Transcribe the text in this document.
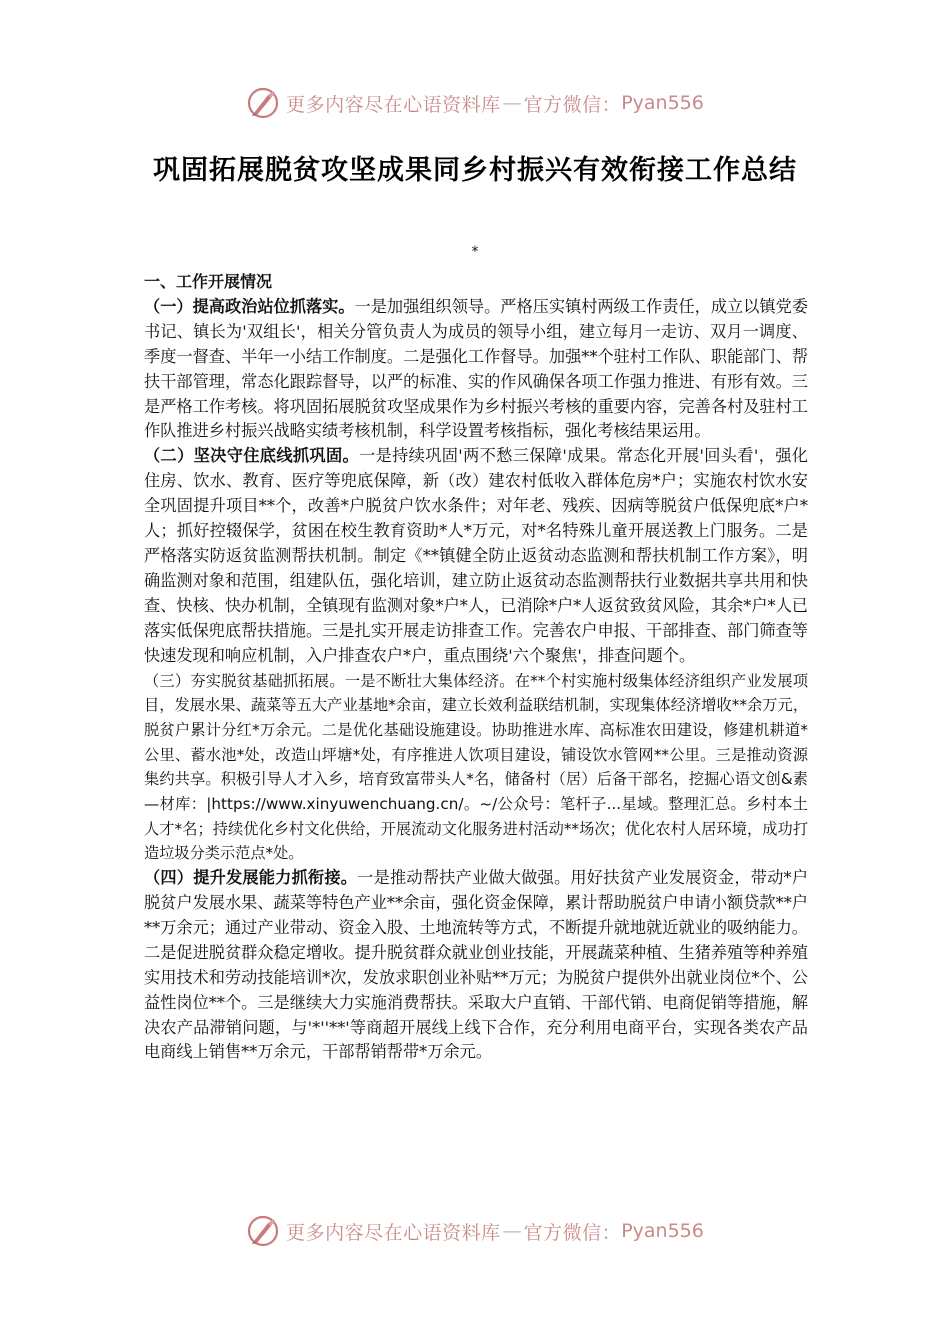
更多内容尽在心语资料库 — 官方微信： Pyan556
巩固拓展脱贫攻坚成果同乡村振兴有效衔接工作总结
*

一、工作开展情况

（一）提高政治站位抓落实。一是加强组织领导。严格压实镇村两级工作责任，成立以镇党委书记、镇长为'双组长'，相关分管负责人为成员的领导小组，建立每月一走访、双月一调度、季度一督查、半年一小结工作制度。二是强化工作督导。加强**个驻村工作队、职能部门、帮扶干部管理，常态化跟踪督导，以严的标准、实的作风确保各项工作强力推进、有形有效。三是严格工作考核。将巩固拓展脱贫攻坚成果作为乡村振兴考核的重要内容，完善各村及驻村工作队推进乡村振兴战略实绩考核机制，科学设置考核指标，强化考核结果运用。

（二）坚决守住底线抓巩固。一是持续巩固'两不愁三保障'成果。常态化开展'回头看'，强化住房、饮水、教育、医疗等兜底保障，新（改）建农村低收入群体危房*户；实施农村饮水安全巩固提升项目**个，改善*户脱贫户饮水条件；对年老、残疾、因病等脱贫户低保兜底*户*人；抓好控辍保学，贫困在校生教育资助*人*万元，对*名特殊儿童开展送教上门服务。二是严格落实防返贫监测帮扶机制。制定《**镇健全防止返贫动态监测和帮扶机制工作方案》，明确监测对象和范围，组建队伍，强化培训，建立防止返贫动态监测帮扶行业数据共享共用和快查、快核、快办机制，全镇现有监测对象*户*人，已消除*户*人返贫致贫风险，其余*户*人已落实低保兜底帮扶措施。三是扎实开展走访排查工作。完善农户申报、干部排查、部门筛查等快速发现和响应机制，入户排查农户*户，重点围绕'六个聚焦'，排查问题个。

（三）夯实脱贫基础抓拓展。一是不断壮大集体经济。在**个村实施村级集体经济组织产业发展项目，发展水果、蔬菜等五大产业基地*余亩，建立长效利益联结机制，实现集体经济增收**余万元，脱贫户累计分红*万余元。二是优化基础设施建设。协助推进水库、高标准农田建设，修建机耕道*公里、蓄水池*处，改造山坪塘*处，有序推进人饮项目建设，铺设饮水管网**公里。三是推动资源集约共享。积极引导人才入乡，培育致富带头人*名，储备村（居）后备干部名，挖掘心语文创&素—材库：|https://www.xinyuwenchuang.cn/。~/公众号：笔杆子...星域。整理汇总。乡村本土人才*名；持续优化乡村文化供给，开展流动文化服务进村活动**场次；优化农村人居环境，成功打造垃圾分类示范点*处。

（四）提升发展能力抓衔接。一是推动帮扶产业做大做强。用好扶贫产业发展资金，带动*户脱贫户发展水果、蔬菜等特色产业**余亩，强化资金保障，累计帮助脱贫户申请小额贷款**户**万余元；通过产业带动、资金入股、土地流转等方式，不断提升就地就近就业的吸纳能力。二是促进脱贫群众稳定增收。提升脱贫群众就业创业技能，开展蔬菜种植、生猪养殖等种养殖实用技术和劳动技能培训*次，发放求职创业补贴**万元；为脱贫户提供外出就业岗位*个、公益性岗位**个。三是继续大力实施消费帮扶。采取大户直销、干部代销、电商促销等措施，解决农产品滞销问题，与'*''**'等商超开展线上线下合作，充分利用电商平台，实现各类农产品电商线上销售**万余元，干部帮销帮带*万余元。

更多内容尽在心语资料库 — 官方微信： Pyan556
